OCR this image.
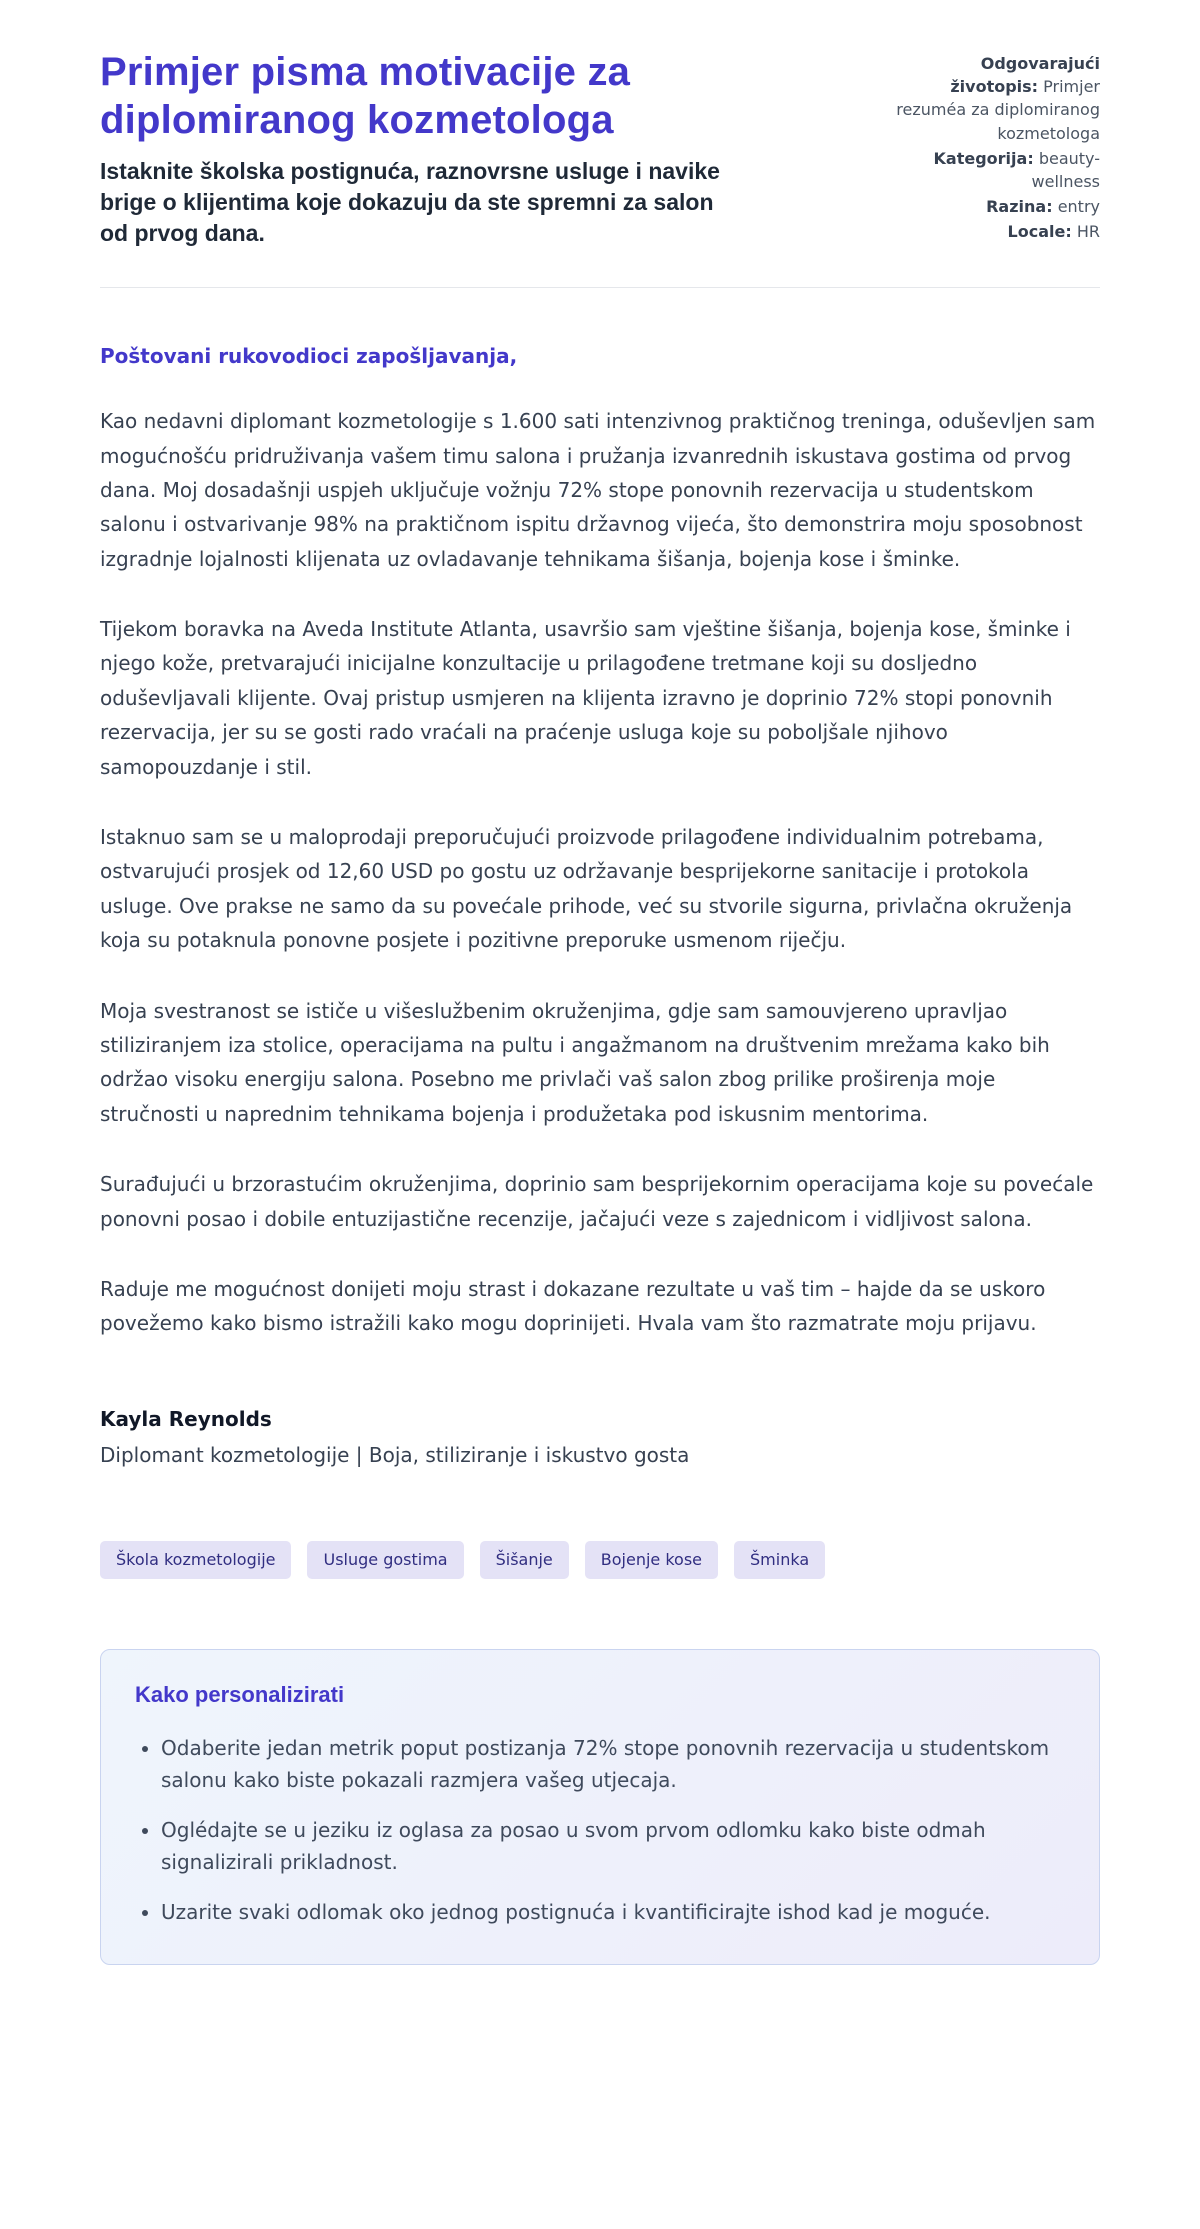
Primjer pisma motivacije za diplomiranog kozmetologa

Istaknite školska postignuća, raznovrsne usluge i navike brige o klijentima koje dokazuju da ste spremni za salon od prvog dana.

Odgovarajući životopis: Primjer rezuméa za diplomiranog kozmetologa
Kategorija: beauty-wellness
Razina: entry
Locale: HR

Poštovani rukovodioci zapošljavanja,

Kao nedavni diplomant kozmetologije s 1.600 sati intenzivnog praktičnog treninga, oduševljen sam mogućnošću pridruživanja vašem timu salona i pružanja izvanrednih iskustava gostima od prvog dana. Moj dosadašnji uspjeh uključuje vožnju 72% stope ponovnih rezervacija u studentskom salonu i ostvarivanje 98% na praktičnom ispitu državnog vijeća, što demonstrira moju sposobnost izgradnje lojalnosti klijenata uz ovladavanje tehnikama šišanja, bojenja kose i šminke.

Tijekom boravka na Aveda Institute Atlanta, usavršio sam vještine šišanja, bojenja kose, šminke i njego kože, pretvarajući inicijalne konzultacije u prilagođene tretmane koji su dosljedno oduševljavali klijente. Ovaj pristup usmjeren na klijenta izravno je doprinio 72% stopi ponovnih rezervacija, jer su se gosti rado vraćali na praćenje usluga koje su poboljšale njihovo samopouzdanje i stil.

Istaknuo sam se u maloprodaji preporučujući proizvode prilagođene individualnim potrebama, ostvarujući prosjek od 12,60 USD po gostu uz održavanje besprijekorne sanitacije i protokola usluge. Ove prakse ne samo da su povećale prihode, već su stvorile sigurna, privlačna okruženja koja su potaknula ponovne posjete i pozitivne preporuke usmenom riječju.

Moja svestranost se ističe u višeslužbenim okruženjima, gdje sam samouvjereno upravljao stiliziranjem iza stolice, operacijama na pultu i angažmanom na društvenim mrežama kako bih održao visoku energiju salona. Posebno me privlači vaš salon zbog prilike proširenja moje stručnosti u naprednim tehnikama bojenja i produžetaka pod iskusnim mentorima.

Surađujući u brzorastućim okruženjima, doprinio sam besprijekornim operacijama koje su povećale ponovni posao i dobile entuzijastične recenzije, jačajući veze s zajednicom i vidljivost salona.

Raduje me mogućnost donijeti moju strast i dokazane rezultate u vaš tim – hajde da se uskoro povežemo kako bismo istražili kako mogu doprinijeti. Hvala vam što razmatrate moju prijavu.

Kayla Reynolds

Diplomant kozmetologije | Boja, stiliziranje i iskustvo gosta

Škola kozmetologije	Usluge gostima	Šišanje	Bojenje kose	Šminka
Kako personalizirati
• Odaberite jedan metrik poput postizanja 72% stope ponovnih rezervacija u studentskom salonu kako biste pokazali razmjera vašeg utjecaja.
• Oglédajte se u jeziku iz oglasa za posao u svom prvom odlomku kako biste odmah signalizirali prikladnost.
• Uzarite svaki odlomak oko jednog postignuća i kvantificirajte ishod kad je moguće.
